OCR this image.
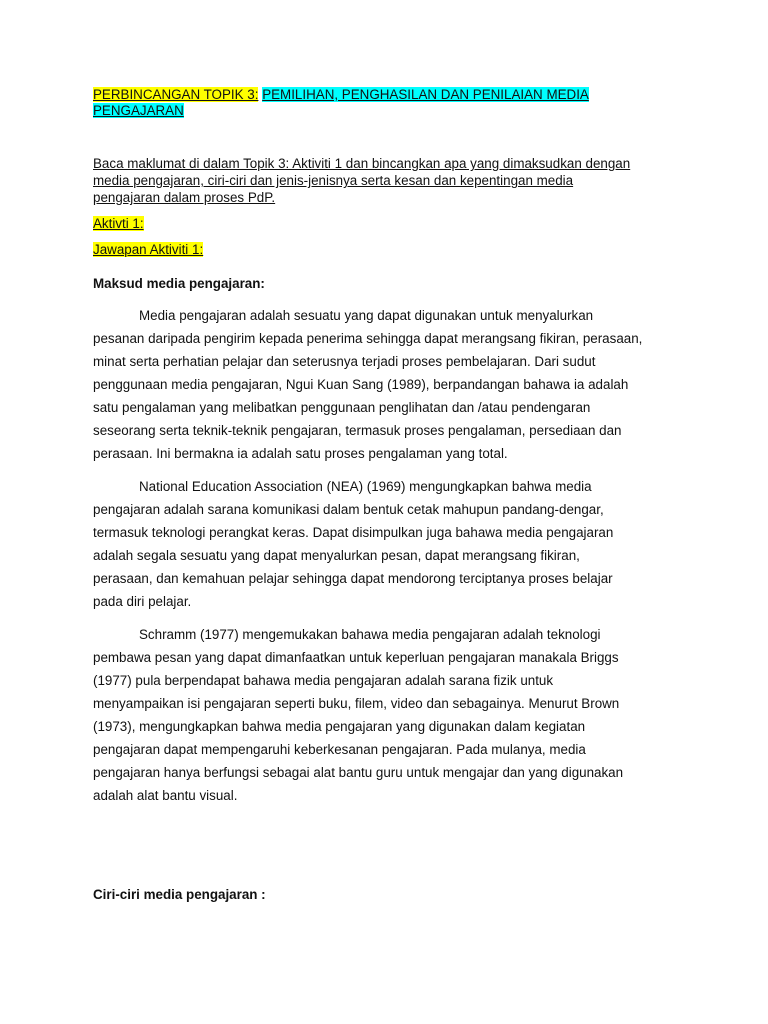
PERBINCANGAN TOPIK 3: PEMILIHAN, PENGHASILAN DAN PENILAIAN MEDIA
PENGAJARAN
Baca maklumat di dalam Topik 3: Aktiviti 1 dan bincangkan apa yang dimaksudkan dengan
media pengajaran, ciri-ciri dan jenis-jenisnya serta kesan dan kepentingan media
pengajaran dalam proses PdP.
Aktivti 1:
Jawapan Aktiviti 1:
Maksud media pengajaran:
Media pengajaran adalah sesuatu yang dapat digunakan untuk menyalurkan
pesanan daripada pengirim kepada penerima sehingga dapat merangsang fikiran, perasaan,
minat serta perhatian pelajar dan seterusnya terjadi proses pembelajaran. Dari sudut
penggunaan media pengajaran, Ngui Kuan Sang (1989), berpandangan bahawa ia adalah
satu pengalaman yang melibatkan penggunaan penglihatan dan /atau pendengaran
seseorang serta teknik-teknik pengajaran, termasuk proses pengalaman, persediaan dan
perasaan. Ini bermakna ia adalah satu proses pengalaman yang total.
National Education Association (NEA) (1969) mengungkapkan bahwa media
pengajaran adalah sarana komunikasi dalam bentuk cetak mahupun pandang-dengar,
termasuk teknologi perangkat keras. Dapat disimpulkan juga bahawa media pengajaran
adalah segala sesuatu yang dapat menyalurkan pesan, dapat merangsang fikiran,
perasaan, dan kemahuan pelajar sehingga dapat mendorong terciptanya proses belajar
pada diri pelajar.
Schramm (1977) mengemukakan bahawa media pengajaran adalah teknologi
pembawa pesan yang dapat dimanfaatkan untuk keperluan pengajaran manakala Briggs
(1977) pula berpendapat bahawa media pengajaran adalah sarana fizik untuk
menyampaikan isi pengajaran seperti buku, filem, video dan sebagainya. Menurut Brown
(1973), mengungkapkan bahwa media pengajaran yang digunakan dalam kegiatan
pengajaran dapat mempengaruhi keberkesanan pengajaran. Pada mulanya, media
pengajaran hanya berfungsi sebagai alat bantu guru untuk mengajar dan yang digunakan
adalah alat bantu visual.
Ciri-ciri media pengajaran :
